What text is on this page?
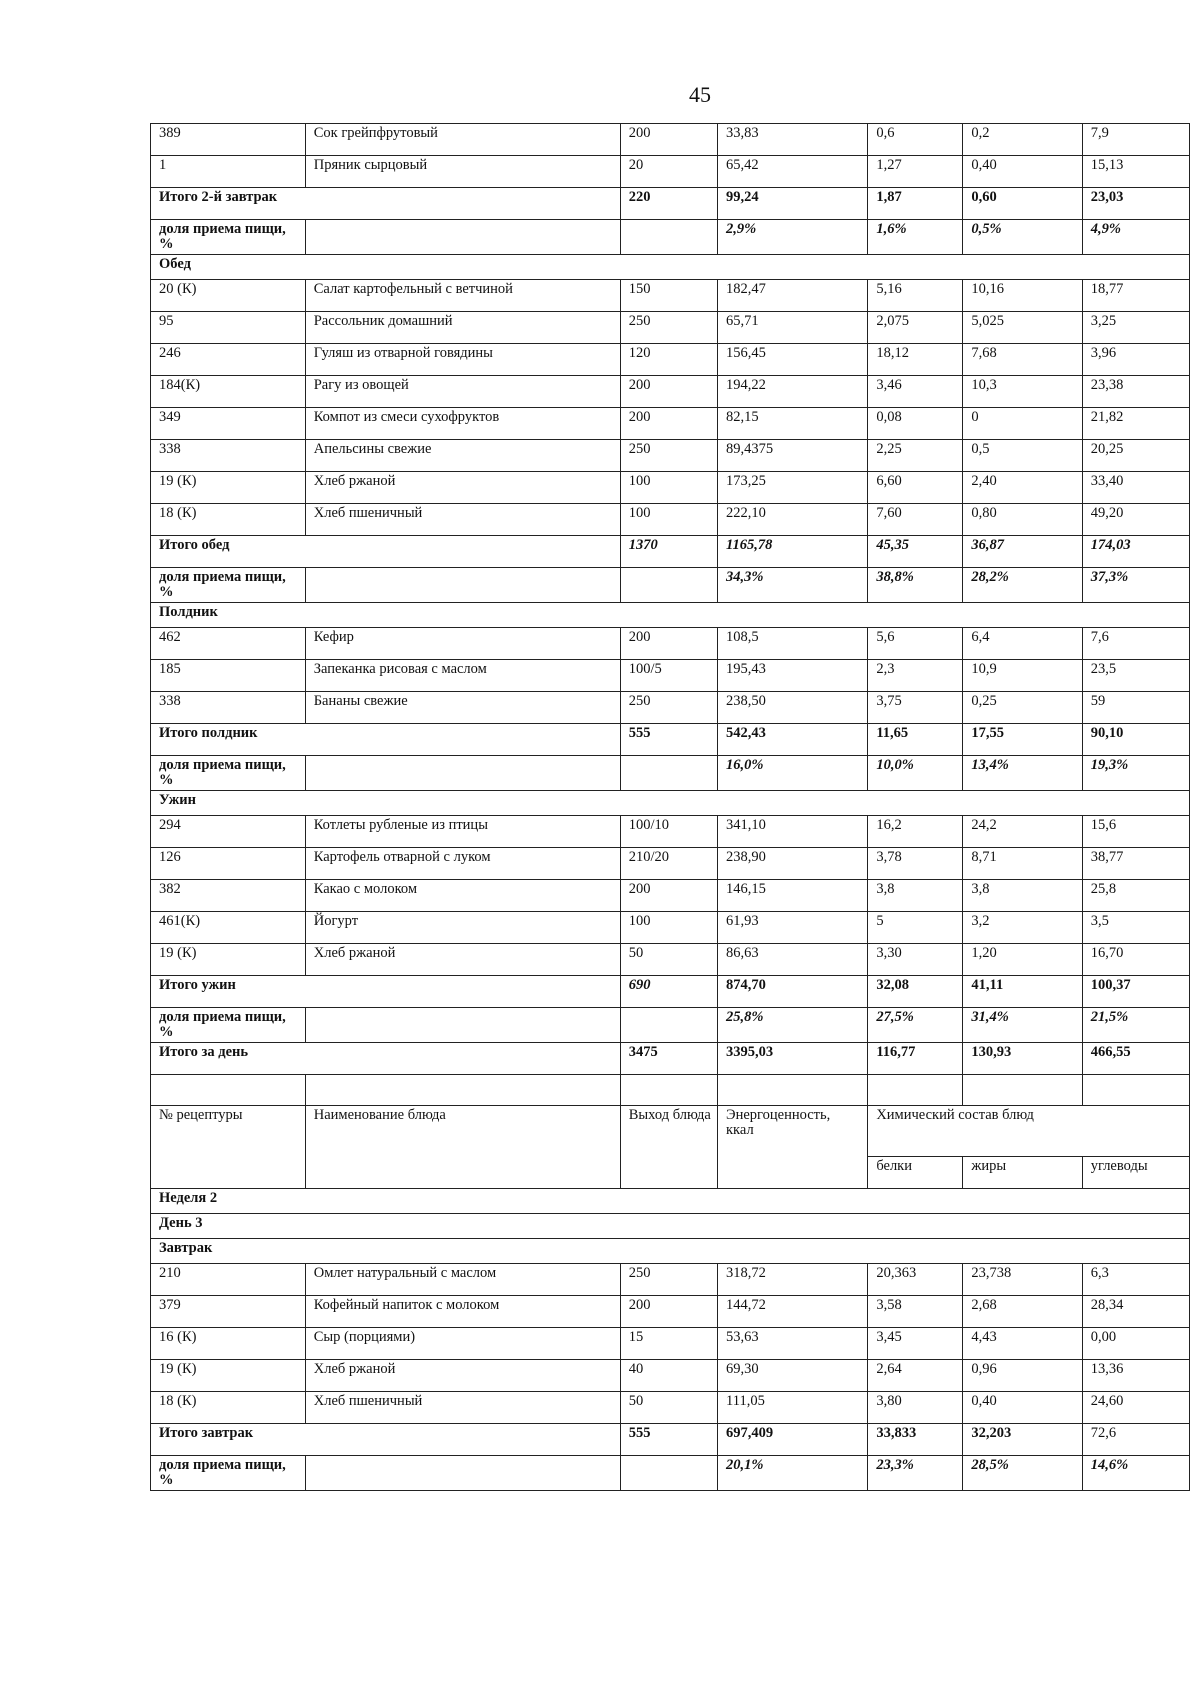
45
389	Сок грейпфрутовый	200	33,83	0,6	0,2	7,9
1	Пряник сырцовый	20	65,42	1,27	0,40	15,13
Итого 2-й завтрак		220	99,24	1,87	0,60	23,03
доля приема пищи, %			2,9%	1,6%	0,5%	4,9%
Обед						
20 (К)	Салат картофельный с ветчиной	150	182,47	5,16	10,16	18,77
95	Рассольник домашний	250	65,71	2,075	5,025	3,25
246	Гуляш из отварной говядины	120	156,45	18,12	7,68	3,96
184(К)	Рагу из овощей	200	194,22	3,46	10,3	23,38
349	Компот из смеси сухофруктов	200	82,15	0,08	0	21,82
338	Апельсины свежие	250	89,4375	2,25	0,5	20,25
19 (К)	Хлеб ржаной	100	173,25	6,60	2,40	33,40
18 (К)	Хлеб пшеничный	100	222,10	7,60	0,80	49,20
Итого обед		1370	1165,78	45,35	36,87	174,03
доля приема пищи, %			34,3%	38,8%	28,2%	37,3%
Полдник						
462	Кефир	200	108,5	5,6	6,4	7,6
185	Запеканка рисовая с маслом	100/5	195,43	2,3	10,9	23,5
338	Бананы свежие	250	238,50	3,75	0,25	59
Итого полдник		555	542,43	11,65	17,55	90,10
доля приема пищи, %			16,0%	10,0%	13,4%	19,3%
Ужин						
294	Котлеты рубленые из птицы	100/10	341,10	16,2	24,2	15,6
126	Картофель отварной с луком	210/20	238,90	3,78	8,71	38,77
382	Какао с молоком	200	146,15	3,8	3,8	25,8
461(К)	Йогурт	100	61,93	5	3,2	3,5
19 (К)	Хлеб ржаной	50	86,63	3,30	1,20	16,70
Итого ужин		690	874,70	32,08	41,11	100,37
доля приема пищи, %			25,8%	27,5%	31,4%	21,5%
Итого за день		3475	3395,03	116,77	130,93	466,55

№ рецептуры	Наименование блюда	Выход блюда	Энергоценность, ккал	Химический состав блюд		
				белки	жиры	углеводы
Неделя 2						
День 3						
Завтрак						
210	Омлет натуральный с маслом	250	318,72	20,363	23,738	6,3
379	Кофейный напиток с молоком	200	144,72	3,58	2,68	28,34
16 (К)	Сыр (порциями)	15	53,63	3,45	4,43	0,00
19 (К)	Хлеб ржаной	40	69,30	2,64	0,96	13,36
18 (К)	Хлеб пшеничный	50	111,05	3,80	0,40	24,60
Итого завтрак		555	697,409	33,833	32,203	72,6
доля приема пищи, %			20,1%	23,3%	28,5%	14,6%
